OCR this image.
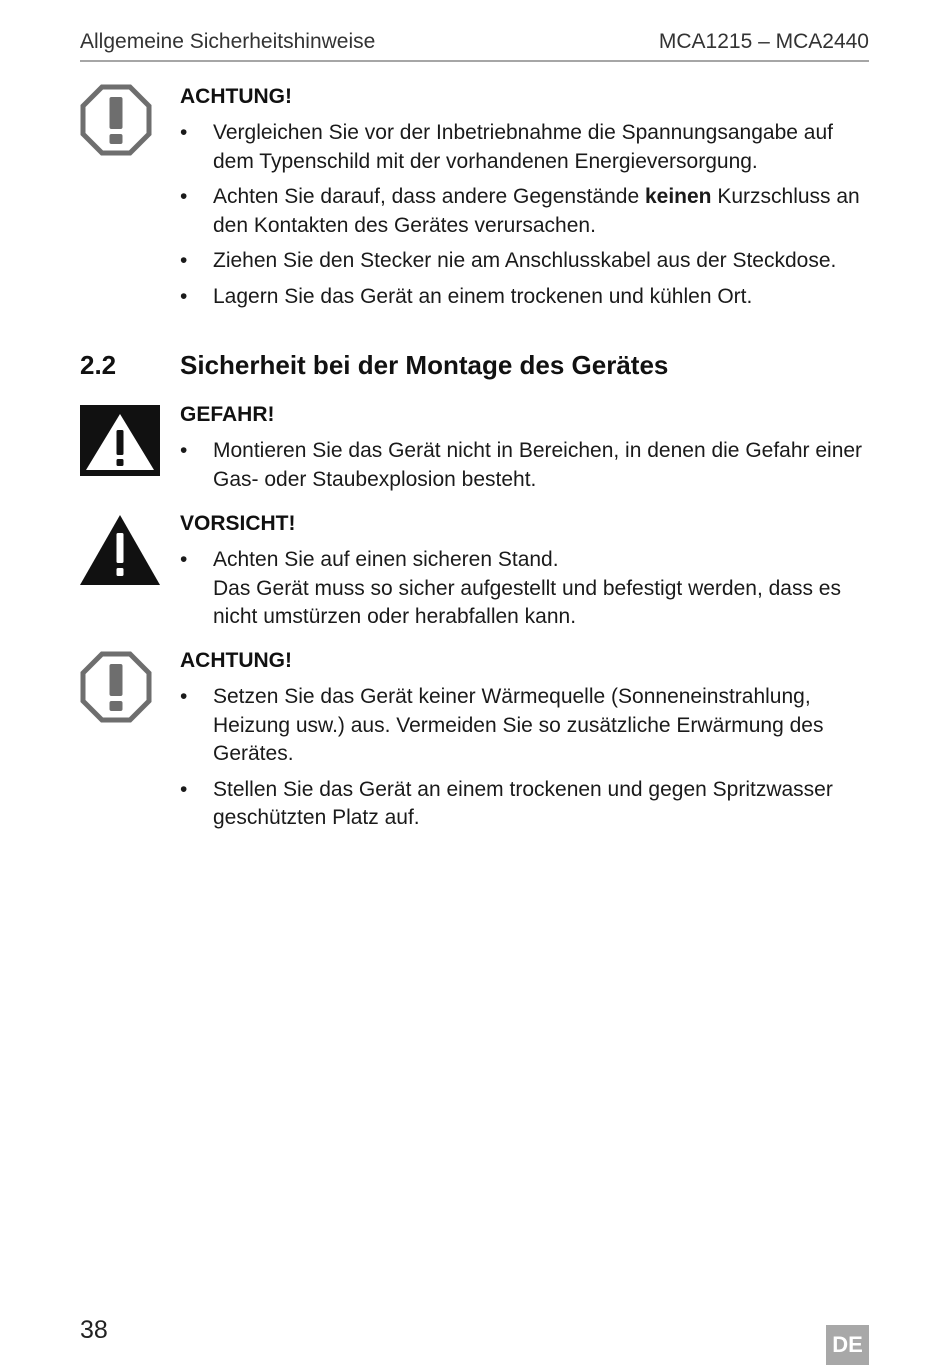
Allgemeine Sicherheitshinweise	MCA1215 – MCA2440
ACHTUNG!
• Vergleichen Sie vor der Inbetriebnahme die Spannungsangabe auf
dem Typenschild mit der vorhandenen Energieversorgung.
• Achten Sie darauf, dass andere Gegenstände keinen Kurzschluss an
den Kontakten des Gerätes verursachen.
• Ziehen Sie den Stecker nie am Anschlusskabel aus der Steckdose.
• Lagern Sie das Gerät an einem trockenen und kühlen Ort.
2.2 Sicherheit bei der Montage des Gerätes
GEFAHR!
• Montieren Sie das Gerät nicht in Bereichen, in denen die Gefahr einer
Gas- oder Staubexplosion besteht.
VORSICHT!
• Achten Sie auf einen sicheren Stand.
Das Gerät muss so sicher aufgestellt und befestigt werden, dass es
nicht umstürzen oder herabfallen kann.
ACHTUNG!
• Setzen Sie das Gerät keiner Wärmequelle (Sonneneinstrahlung,
Heizung usw.) aus. Vermeiden Sie so zusätzliche Erwärmung des
Gerätes.
• Stellen Sie das Gerät an einem trockenen und gegen Spritzwasser
geschützten Platz auf.
38
DE
